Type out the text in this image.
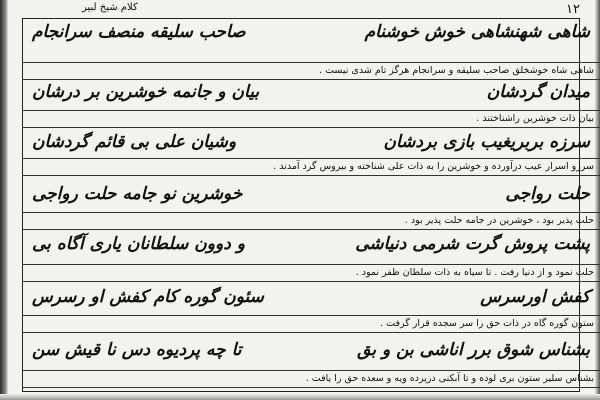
١٢
کلام شیخ لبیر
شاهی شهنشاهی خوش خوشنام
صاحب سلیقه منصف سرانجام
شاهی شاه خوشخلق صاحب سلیقه و سرانجام هرگز تام شدی نیست .
میدان گردشان
بیان و جانمه خوشرین بر درشان
بیان ذات خوشرین راشناختند .
سرزه بربریغیب بازی بردشان
وشیان علی بی قائم گردشان
سرزو اسرار عیب درآورده و خوشرین را به ذات علی شناخته و بیروس گرد آمدند .
حلت رواجی
خوشرین نو جامه حلت رواجی
حلت پذیر بود ، خوشرین در جامه حلت پذیر بود .
پشت پروش گرت شرمی دنیاشی
و دوون سلطانان یاری آگاه بی
حلت نمود و از دنیا رفت . تا سیاه به ذات سلطان ظفر نمود .
کفش اورسرس
سئون گوره کام کفش او رسرس
ستون گوره گاه در ذات حق را سر سجده قرار گرفت .
بشناس شوق برر اناشی بن و بق
تا چه پردیوه دس نا قیش سن
بشناس سلیر ستون بری لوده و تا آبکنی درپرده ویه و سعده حق را یافت .
